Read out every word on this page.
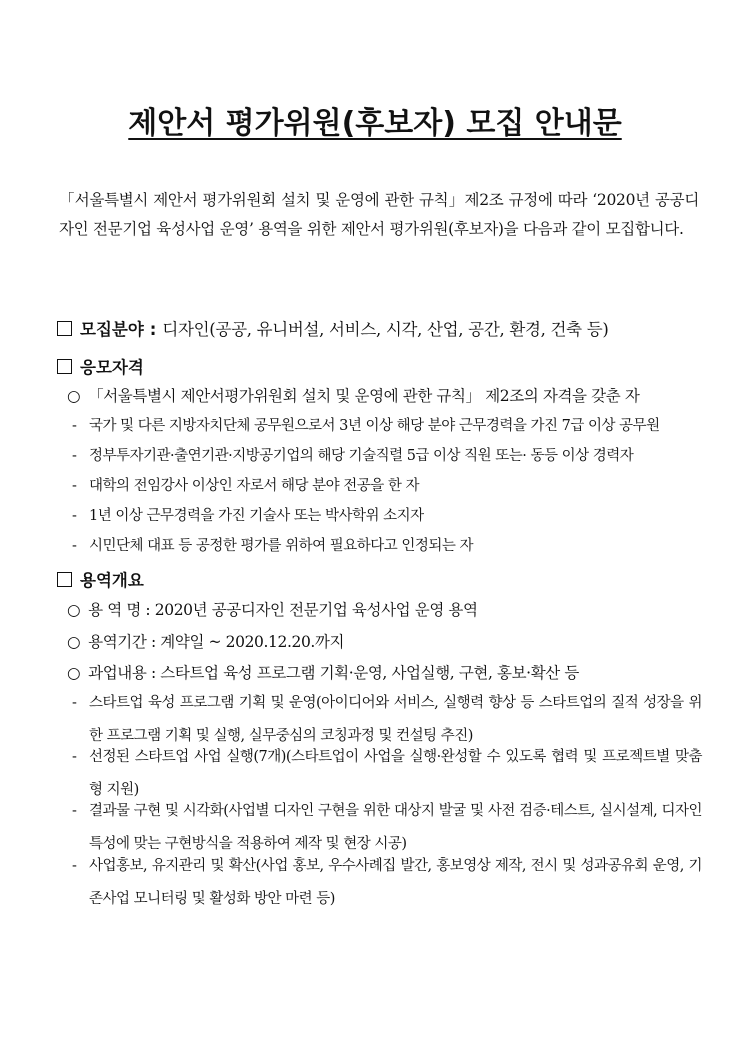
제안서 평가위원(후보자) 모집 안내문
「서울특별시 제안서 평가위원회 설치 및 운영에 관한 규칙」제2조 규정에 따라 ‘2020년 공공디자인 전문기업 육성사업 운영’ 용역을 위한 제안서 평가위원(후보자)을 다음과 같이 모집합니다.
모집분야 : 디자인(공공, 유니버설, 서비스, 시각, 산업, 공간, 환경, 건축 등)
응모자격
○ 「서울특별시 제안서평가위원회 설치 및 운영에 관한 규칙」 제2조의 자격을 갖춘 자
- 국가 및 다른 지방자치단체 공무원으로서 3년 이상 해당 분야 근무경력을 가진 7급 이상 공무원
- 정부투자기관·출연기관·지방공기업의 해당 기술직렬 5급 이상 직원 또는· 동등 이상 경력자
- 대학의 전임강사 이상인 자로서 해당 분야 전공을 한 자
- 1년 이상 근무경력을 가진 기술사 또는 박사학위 소지자
- 시민단체 대표 등 공정한 평가를 위하여 필요하다고 인정되는 자
용역개요
○ 용 역 명 : 2020년 공공디자인 전문기업 육성사업 운영 용역
○ 용역기간 : 계약일 ~ 2020.12.20.까지
○ 과업내용 : 스타트업 육성 프로그램 기획·운영, 사업실행, 구현, 홍보·확산 등
- 스타트업 육성 프로그램 기획 및 운영(아이디어와 서비스, 실행력 향상 등 스타트업의 질적 성장을 위한 프로그램 기획 및 실행, 실무중심의 코칭과정 및 컨설팅 추진)
- 선정된 스타트업 사업 실행(7개)(스타트업이 사업을 실행·완성할 수 있도록 협력 및 프로젝트별 맞춤형 지원)
- 결과물 구현 및 시각화(사업별 디자인 구현을 위한 대상지 발굴 및 사전 검증·테스트, 실시설계, 디자인 특성에 맞는 구현방식을 적용하여 제작 및 현장 시공)
- 사업홍보, 유지관리 및 확산(사업 홍보, 우수사례집 발간, 홍보영상 제작, 전시 및 성과공유회 운영, 기존사업 모니터링 및 활성화 방안 마련 등)
